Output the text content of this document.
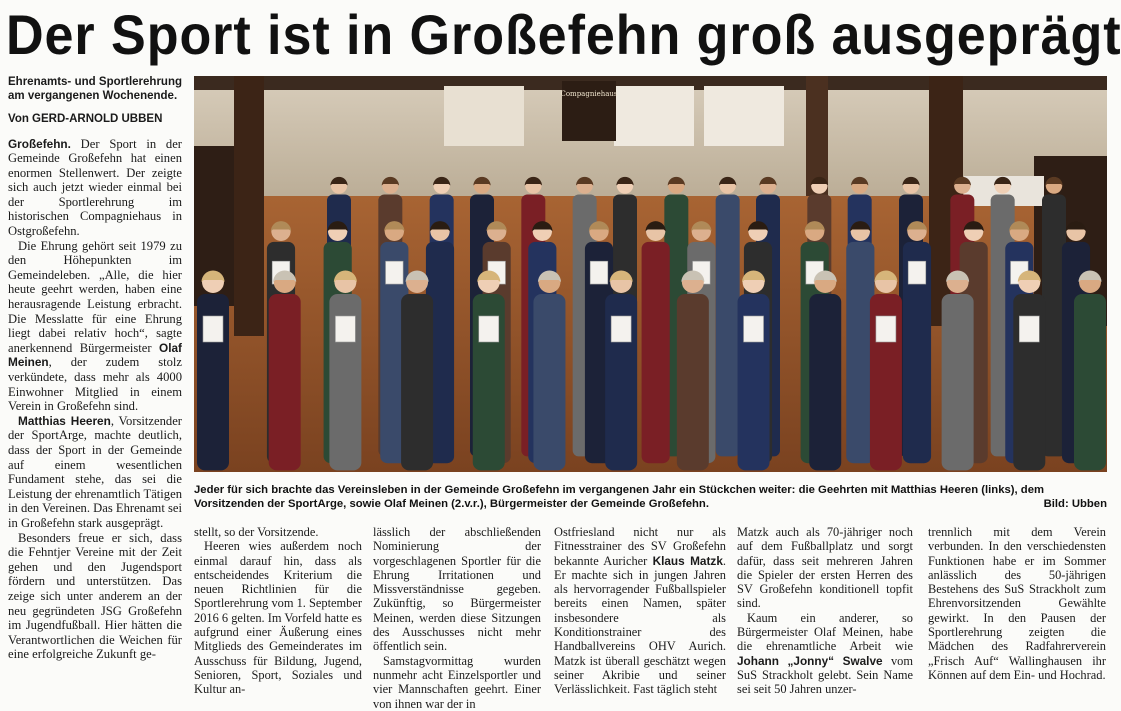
Der Sport ist in Großefehn groß ausgeprägt

Ehrenamts- und Sportlerehrung am vergangenen Wochenende.

Von GERD-ARNOLD UBBEN

Großefehn. Der Sport in der Gemeinde Großefehn hat einen enormen Stellenwert. Der zeigte sich auch jetzt wieder einmal bei der Sportlerehrung im historischen Compagniehaus in Ostgroßefehn.

Die Ehrung gehört seit 1979 zu den Höhepunkten im Gemeindeleben. „Alle, die hier heute geehrt werden, haben eine herausragende Leistung erbracht. Die Messlatte für eine Ehrung liegt dabei relativ hoch“, sagte anerkennend Bürgermeister Olaf Meinen, der zudem stolz verkündete, dass mehr als 4000 Einwohner Mitglied in einem Verein in Großefehn sind.

Matthias Heeren, Vorsitzender der SportArge, machte deutlich, dass der Sport in der Gemeinde auf einem wesentlichen Fundament stehe, das sei die Leistung der ehrenamtlich Tätigen in den Vereinen. Das Ehrenamt sei in Großefehn stark ausgeprägt.

Besonders freue er sich, dass die Fehntjer Vereine mit der Zeit gehen und den Jugendsport fördern und unterstützen. Das zeige sich unter anderem an der neu gegründeten JSG Großefehn im Jugendfußball. Hier hätten die Verantwortlichen die Weichen für eine erfolgreiche Zukunft ge-

Compagniehaus
Jeder für sich brachte das Vereinsleben in der Gemeinde Großefehn im vergangenen Jahr ein Stückchen weiter: die Geehrten mit Matthias Heeren (links), dem Vorsitzenden der SportArge, sowie Olaf Meinen (2.v.r.), Bürgermeister der Gemeinde Großefehn.	Bild: Ubben

stellt, so der Vorsitzende.

Heeren wies außerdem noch einmal darauf hin, dass als entscheidendes Kriterium die neuen Richtlinien für die Sportlerehrung vom 1. September 2016 6 gelten. Im Vorfeld hatte es aufgrund einer Äußerung eines Mitglieds des Gemeinderates im Ausschuss für Bildung, Jugend, Senioren, Sport, Soziales und Kultur an-

lässlich der abschließenden Nominierung der vorgeschlagenen Sportler für die Ehrung Irritationen und Missverständnisse gegeben. Zukünftig, so Bürgermeister Meinen, werden diese Sitzungen des Ausschusses nicht mehr öffentlich sein.

Samstagvormittag wurden nunmehr acht Einzelsportler und vier Mannschaften geehrt. Einer von ihnen war der in

Ostfriesland nicht nur als Fitnesstrainer des SV Großefehn bekannte Auricher Klaus Matzk. Er machte sich in jungen Jahren als hervorragender Fußballspieler bereits einen Namen, später insbesondere als Konditionstrainer des Handballvereins OHV Aurich. Matzk ist überall geschätzt wegen seiner Akribie und seiner Verlässlichkeit. Fast täglich steht

Matzk auch als 70-jähriger noch auf dem Fußballplatz und sorgt dafür, dass seit mehreren Jahren die Spieler der ersten Herren des SV Großefehn konditionell topfit sind.

Kaum ein anderer, so Bürgermeister Olaf Meinen, habe die ehrenamtliche Arbeit wie Johann „Jonny“ Swalve vom SuS Strackholt gelebt. Sein Name sei seit 50 Jahren unzer-

trennlich mit dem Verein verbunden. In den verschiedensten Funktionen habe er im Sommer anlässlich des 50-jährigen Bestehens des SuS Strackholt zum Ehrenvorsitzenden Gewählte gewirkt. In den Pausen der Sportlerehrung zeigten die Mädchen des Radfahrerverein „Frisch Auf“ Wallinghausen ihr Können auf dem Ein- und Hochrad.
